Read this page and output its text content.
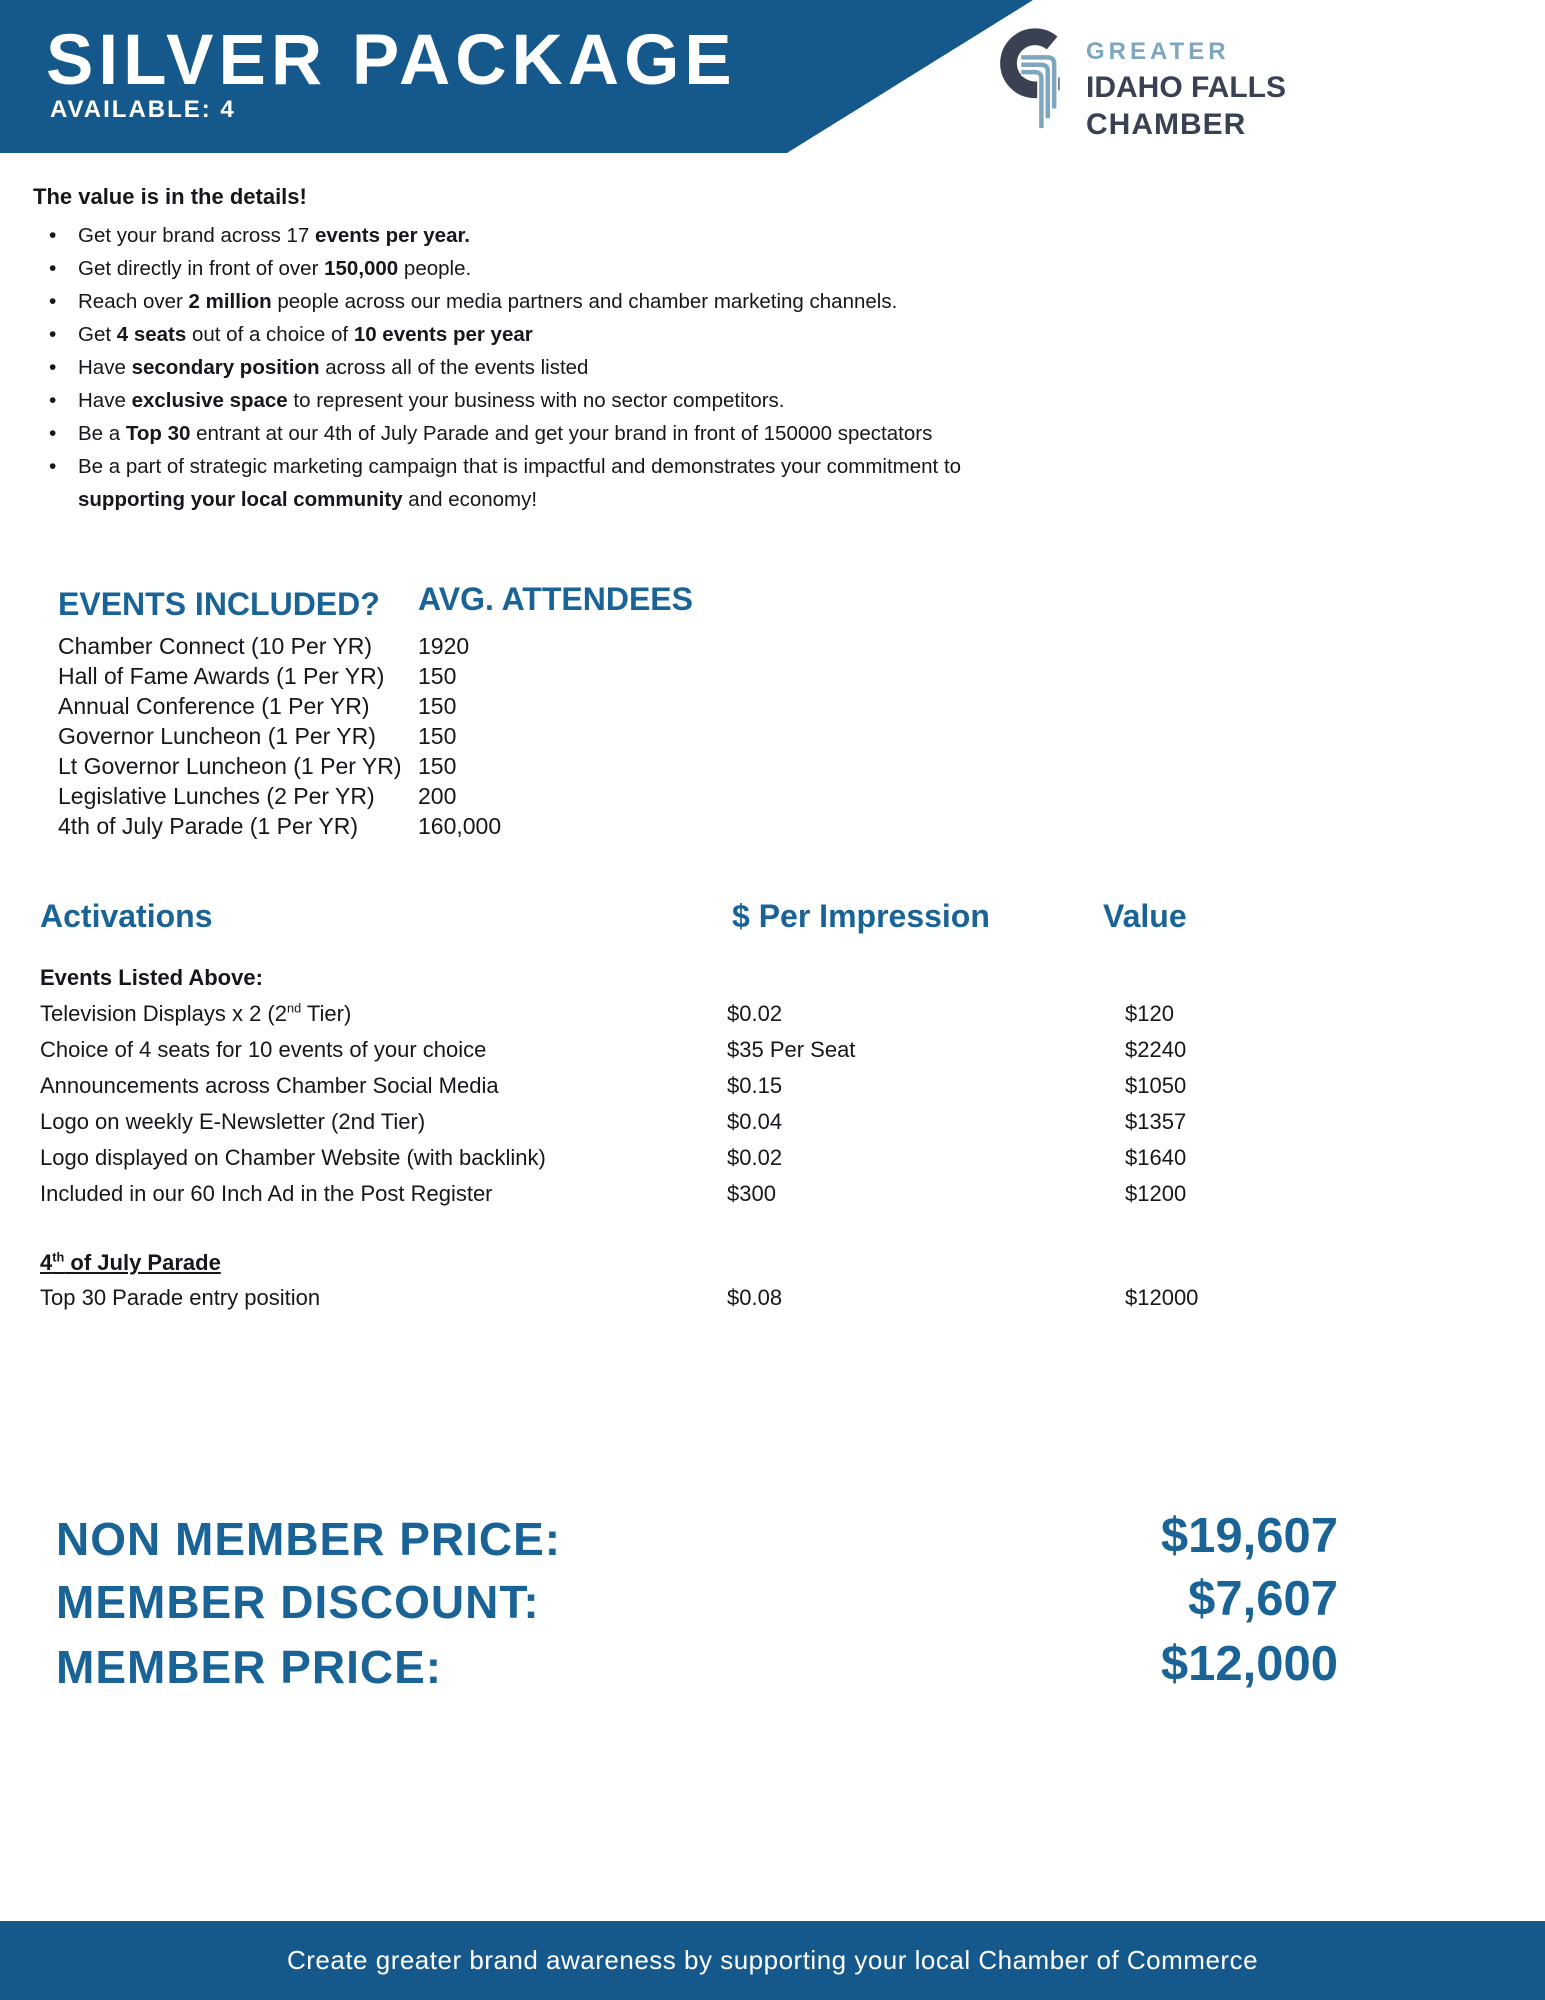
SILVER PACKAGE
AVAILABLE: 4
GREATER
IDAHO FALLS
CHAMBER

The value is in the details!

• Get your brand across 17 events per year.
• Get directly in front of over 150,000 people.
• Reach over 2 million people across our media partners and chamber marketing channels.
• Get 4 seats out of a choice of 10 events per year
• Have secondary position across all of the events listed
• Have exclusive space to represent your business with no sector competitors.
• Be a Top 30 entrant at our 4th of July Parade and get your brand in front of 150000 spectators
• Be a part of strategic marketing campaign that is impactful and demonstrates your commitment to
supporting your local community and economy!
EVENTS INCLUDED?	AVG. ATTENDEES
Chamber Connect (10 Per YR) 1920
Hall of Fame Awards (1 Per YR) 150
Annual Conference (1 Per YR) 150
Governor Luncheon (1 Per YR) 150
Lt Governor Luncheon (1 Per YR) 150
Legislative Lunches (2 Per YR) 200
4th of July Parade (1 Per YR)	160,000
Activations	$ Per Impression	Value
Events Listed Above:
Television Displays x 2 (2nd Tier)	$0.02	$120
Choice of 4 seats for 10 events of your choice	$35 Per Seat	$2240
Announcements across Chamber Social Media	$0.15	$1050
Logo on weekly E-Newsletter (2nd Tier)	$0.04	$1357
Logo displayed on Chamber Website (with backlink)	$0.02	$1640
Included in our 60 Inch Ad in the Post Register	$300	$1200
4th of July Parade
Top 30 Parade entry position	$0.08	$12000
NON MEMBER PRICE:	$19,607
MEMBER DISCOUNT:	$7,607
MEMBER PRICE:	$12,000
Create greater brand awareness by supporting your local Chamber of Commerce
